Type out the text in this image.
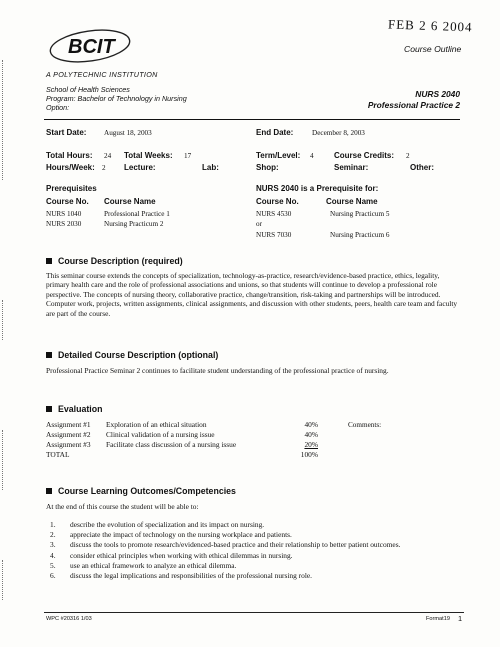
BCIT
A POLYTECHNIC INSTITUTION
FEB 2 6 2004
Course Outline
School of Health Sciences
Program: Bachelor of Technology in Nursing
Option:
NURS 2040
Professional Practice 2
Start Date: August 18, 2003	End Date:	December 8, 2003
Total Hours: 24 Total Weeks: 17	Term/Level: 4	Course Credits: 2
Hours/Week: 2 Lecture:	Lab:	Shop:	Seminar:	Other:
Prerequisites
Course No. Course Name
NURS 1040	Professional Practice 1
NURS 2030	Nursing Practicum 2
NURS 2040 is a Prerequisite for:
Course No.	Course Name
NURS 4530	Nursing Practicum 5
or
NURS 7030	Nursing Practicum 6
Course Description (required)
This seminar course extends the concepts of specialization, technology-as-practice, research/evidence-based practice, ethics, legality, primary health care and the role of professional associations and unions, so that students will continue to develop a professional role perspective. The concepts of nursing theory, collaborative practice, change/transition, risk-taking and partnerships will be introduced. Computer work, projects, written assignments, clinical assignments, and discussion with other students, peers, health care team and faculty are part of the course.
Detailed Course Description (optional)
Professional Practice Seminar 2 continues to facilitate student understanding of the professional practice of nursing.
Evaluation
Assignment #1	Exploration of an ethical situation	40%
Assignment #2	Clinical validation of a nursing issue	40%
Assignment #3	Facilitate class discussion of a nursing issue	20%
TOTAL		100%
Comments:
Course Learning Outcomes/Competencies
At the end of this course the student will be able to:
1. describe the evolution of specialization and its impact on nursing.
2. appreciate the impact of technology on the nursing workplace and patients.
3. discuss the tools to promote research/evidenced-based practice and their relationship to better patient outcomes.
4. consider ethical principles when working with ethical dilemmas in nursing.
5. use an ethical framework to analyze an ethical dilemma.
6. discuss the legal implications and responsibilities of the professional nursing role.
WPC #20316 1/03	Format19 1
